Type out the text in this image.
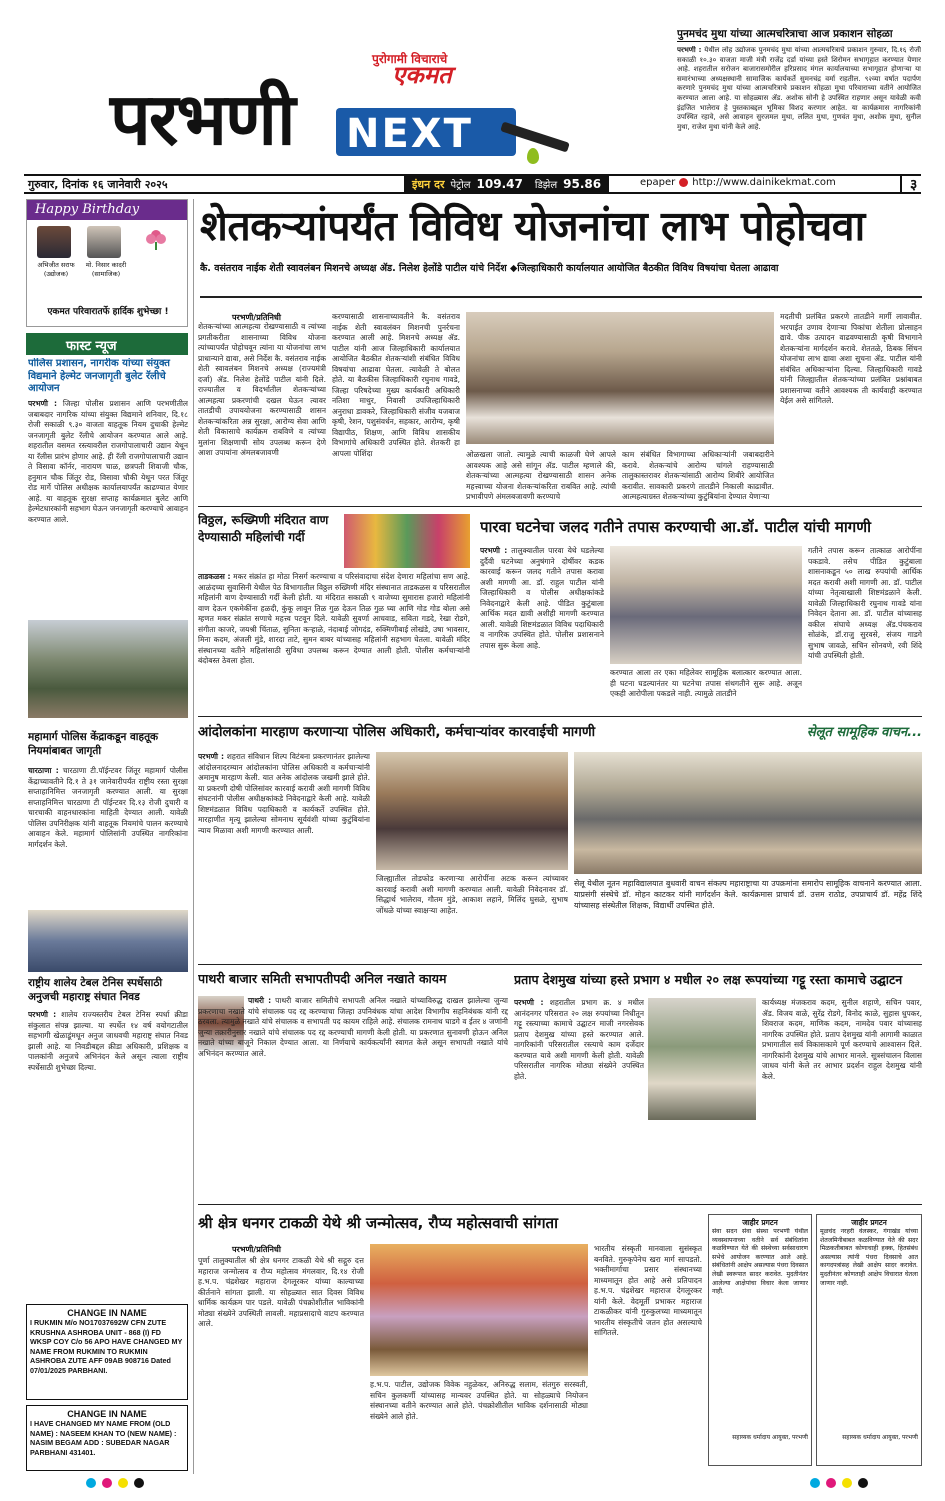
पुरोगामी विचाराचे
एकमत
परभणी NEXT
गुरुवार, दिनांक १६ जानेवारी २०२५	इंधन दर पेट्रोल 109.47 डिझेल 95.86	epaper http://www.dainikekmat.com	३
पुनमचंद मुथा यांच्या आत्मचरित्राचा आज प्रकाशन सोहळा
परभणी : येथील लोह उद्योजक पुनमचंद मुथा यांच्या आत्मचरित्राचे प्रकाशन गुरुवार, दि.१६ रोजी सकाळी १०.३० वाजता माजी मंत्री राजेंद्र दर्डा यांच्या हस्ते शिरोमन सभागृहात करण्यात येणार आहे. शहरातील सरोजन बाजारासमोरील हरिप्रसाद मंगल कार्यालयाच्या सभागृहात होणाऱ्या या समारंभाच्या अध्यक्षस्थानी सामाजिक कार्यकर्ते सुमनचंद्र वर्मा राहतील. ९२व्या वर्षात पदार्पण करणारे पुनमचंद मुथा यांच्या आत्मचरित्राचे प्रकाशन सोहळा मुथा परिवाराच्या वतीने आयोजित करण्यात आला आहे. या सोहळ्यास ॲड. अशोक सोनी हे उपस्थित राहणार असून यावेळी कवी इंद्रजित भालेराव हे पुस्तकाबद्दल भूमिका विशद करणार आहेत. या कार्यक्रमास नागरिकांनी उपस्थित रहावे, असे आवाहन सुरजमल मुथा, ललित मुथा, गुणवंत मुथा, अशोक मुथा, सुनील मुथा, राजेश मुथा यांनी केले आहे.
Happy Birthday
अभिजीत सराफ
(उद्योजक)
मो. निसार कादरी
(सामाजिक)
एकमत परिवारातर्फे हार्दिक शुभेच्छा !
फास्ट न्यूज
पोलिस प्रशासन, नागरीक यांच्या संयुक्त विद्यमाने हेल्मेट जनजागृती बुलेट रॅलीचे आयोजन
परभणी : जिल्हा पोलीस प्रशासन आणि परभणीतील जबाबदार नागरिक यांच्या संयुक्त विद्यमाने शनिवार, दि.१८ रोजी सकाळी ९.३० वाजता वाहतूक नियम दुचाकी हेल्मेट जनजागृती बुलेट रॅलीचे आयोजन करण्यात आले आहे. शहरातील वसमत रस्त्यावरील राजगोपालाचारी उद्यान येथून या रॅलीस प्रारंभ होणार आहे. ही रॅली राजगोपालाचारी उद्यान ते विसावा कॉर्नर, नारायण चाळ, छत्रपती शिवाजी चौक, हनुमान चौक जिंतूर रोड, विसावा चौकी येथून परत जिंतूर रोड मार्गे पोलिस अधीक्षक कार्यालयापर्यंत काढण्यात येणार आहे. या वाहतूक सुरक्षा सप्ताह कार्यक्रमात बुलेट आणि हेल्मेटधारकांनी सहभाग घेऊन जनजागृती करण्याचे आवाहन करण्यात आले.
महामार्ग पोलिस केंद्राकडून वाहतूक नियमांबाबत जागृती
चारठाणा : चारठाणा टी.पॉईन्टवर जिंतूर महामार्ग पोलीस केंद्राच्यावतीने दि.१ ते ३१ जानेवारीपर्यंत राष्ट्रीय रस्ता सुरक्षा सप्ताहानिमित्त जनजागृती करण्यात आली. या सुरक्षा सप्ताहनिमित्त चारठाणा टी पॉईन्टवर दि.१३ रोजी दुचारी व चारचाकी वाहनधारकांना माहिती देण्यात आली. यावेळी पोलिस उपनिरीक्षक यांनी वाहतूक नियमांचे पालन करण्याचे आवाहन केले. महामार्ग पोलिसांनी उपस्थित नागरिकांना मार्गदर्शन केले.
राष्ट्रीय शालेय टेबल टेनिस स्पर्धेसाठी अनुजची महाराष्ट्र संघात निवड
परभणी : शालेय राज्यस्तरीय टेबल टेनिस स्पर्धा क्रीडा संकुलात संपन्न झाल्या. या स्पर्धेत १४ वर्ष वयोगटातील सहभागी खेळाडूंमधून अनुज जाधवची महाराष्ट्र संघात निवड झाली आहे. या निवडीबद्दल क्रीडा अधिकारी, प्रशिक्षक व पालकांनी अनुजचे अभिनंदन केले असून त्याला राष्ट्रीय स्पर्धेसाठी शुभेच्छा दिल्या.
CHANGE IN NAME
I RUKMIN M/o NO17037692W CFN ZUTE KRUSHNA ASHROBA UNIT - 868 (I) FD WKSP COY C/o 56 APO HAVE CHANGED MY NAME FROM RUKMIN TO RUKMIN ASHROBA ZUTE AFF 09AB 908716 Dated 07/01/2025 PARBHANI.
CHANGE IN NAME
I HAVE CHANGED MY NAME FROM (OLD NAME) : NASEEM KHAN TO (NEW NAME) : NASIM BEGAM ADD : SUBEDAR NAGAR PARBHANI 431401.
शेतकऱ्यांपर्यंत विविध योजनांचा लाभ पोहोचवा
कै. वसंतराव नाईक शेती स्वावलंबन मिशनचे अध्यक्ष ॲड. निलेश हेलोंडे पाटील यांचे निर्देश ◆जिल्हाधिकारी कार्यालयात आयोजित बैठकीत विविध विषयांचा घेतला आढावा
परभणी/प्रतिनिधी
शेतकऱ्यांच्या आत्महत्या रोखण्यासाठी व त्यांच्या प्रगतीकरीता शासनाच्या विविध योजना त्यांच्यापर्यंत पोहोचवून त्यांना या योजनांचा लाभ प्राधान्याने द्यावा, असे निर्देश कै. वसंतराव नाईक शेती स्वावलंबन मिशनचे अध्यक्ष (राज्यमंत्री दर्जा) ॲड. निलेश हेलोंडे पाटील यांनी दिले. राज्यातील व विदर्भातील शेतकऱ्यांच्या आत्महत्या प्रकरणांची दखल घेऊन त्यावर तातडीची उपाययोजना करण्यासाठी शासन शेतकऱ्यांकरिता अन्न सुरक्षा, आरोग्य सेवा आणि शेती विकासाचे कार्यक्रम राबविणे व त्यांच्या मुलांना शिक्षणाची सोय उपलब्ध करून देणे आशा उपायांना अंमलबजावणी
करण्यासाठी शासनाच्यावतीने कै. वसंतराव नाईक शेती स्वावलंबन मिशनची पुनर्रचना करण्यात आली आहे. मिशनचे अध्यक्ष ॲड. पाटील यांनी आज जिल्हाधिकारी कार्यालयात आयोजित बैठकीत शेतकऱ्यांशी संबंधित विविध विषयांचा आढावा घेतला. त्यावेळी ते बोलत होते. या बैठकीस जिल्हाधिकारी रघुनाथ गावडे, जिल्हा परिषदेच्या मुख्य कार्यकारी अधिकारी नतिशा माथुर, निवासी उपजिल्हाधिकारी अनुराधा डावकरे, जिल्हाधिकारी संजीव यजबाज कृषी, रेशन, पशुसंवर्धन, सहकार, आरोग्य, कृषी विद्यापीठ, शिक्षण, आणि विविध शासकीय विभागांचे अधिकारी उपस्थित होते. शेतकरी हा आपला पोशिंदा	ओळखला जातो. त्यामुळे त्याची काळजी घेणे आपले आवश्यक आहे असे सांगून ॲड. पाटील म्हणाले की, शेतकऱ्यांच्या आत्महत्या रोखण्यासाठी शासन अनेक महत्त्वाच्या योजना शेतकऱ्यांकरिता राबवित आहे. त्यांची प्रभावीपणे अंमलबजावणी करण्याचे
काम संबंधित विभागाच्या अधिकाऱ्यांनी जबाबदारीने करावे. शेतकऱ्यांचे आरोग्य चांगले राहण्यासाठी तालुकास्तरावर शेतकऱ्यांसाठी आरोग्य शिबीरे आयोजित करावीत. सावकारी प्रकरणे तातडीने निकाली काढावीत. आत्महत्याग्रस्त शेतकऱ्यांच्या कुटुंबियांना देण्यात येणाऱ्या
मदतीची प्रलंबित प्रकरणे तातडीने मार्गी लावावीत. भरपाईत उणाव देणाऱ्या पिकांचा शेतीला प्रोत्साहन द्यावे. पीक उत्पादन वाढवण्यासाठी कृषी विभागाने शेतकऱ्यांना मार्गदर्शन करावे. शेततळे, ठिबक सिंचन योजनांचा लाभ द्यावा अशा सूचना ॲड. पाटील यांनी संबंधित अधिकाऱ्यांना दिल्या. जिल्हाधिकारी गावडे यांनी जिल्ह्यातील शेतकऱ्यांच्या प्रलंबित प्रश्नांबाबत प्रशासनाच्या वतीने आवश्यक ती कार्यवाही करण्यात येईल असे सांगितले.
विठ्ठल, रूख्मिणी मंदिरात वाण देण्यासाठी महिलांची गर्दी
ताडकळस : मकर संक्रांत हा मोठा निसर्ग करण्याचा व परिसंवादाचा संदेश देणारा महिलांचा सण आहे. आळंदच्या सुवासिनी येथील पेठ विभागातील विठ्ठल रुख्मिणी मंदिर संस्थानात ताडकळस व परिसरातील महिलांनी वाण देण्यासाठी गर्दी केली होती. या मंदिरात सकाळी ९ वाजेच्या सुमारास हजारो महिलांनी वाण देऊन एकमेकींना हळदी, कुंकू लावून तिळ गुळ देऊन तिळ गुळ घ्या आणि गोड गोड बोला असे म्हणत मकर संक्रांत सणाचे महत्त्व पटवून दिले. यावेळी सुवर्णा आचवाड, सविता गडदे, रेखा रोडगे, संगीता काजरे, जयश्री चिंताळ, सुनिता कऱ्हाळे, नंदाबाई जोगदंड, रुक्मिणीबाई लोखंडे, उषा भावसार, मिना कदम, अंजली मुंडे, शारदा ताटे, सुमन बाबर यांच्यासह महिलांनी सहभाग घेतला. यावेळी मंदिर संस्थानच्या वतीने महिलांसाठी सुविधा उपलब्ध करून देण्यात आली होती. पोलीस कर्मचाऱ्यांनी बंदोबस्त ठेवला होता.
पारवा घटनेचा जलद गतीने तपास करण्याची आ.डॉ. पाटील यांची मागणी
परभणी : तालुक्यातील पारवा येथे घडलेल्या दुर्दैवी घटनेच्या अनुषंगाने दोषींवर कडक कारवाई करून जलद गतीने तपास करावा अशी मागणी आ. डॉ. राहुल पाटील यांनी जिल्हाधिकारी व पोलीस अधीक्षकांकडे निवेदनाद्वारे केली आहे. पीडित कुटुंबाला आर्थिक मदत द्यावी अशीही मागणी करण्यात आली. यावेळी शिष्टमंडळात विविध पदाधिकारी व नागरिक उपस्थित होते. पोलीस प्रशासनाने तपास सुरू केला आहे.
करण्यात आला तर एका महिलेवर सामूहिक बलात्कार करण्यात आला. ही घटना घडल्यानंतर या घटनेचा तपास संथगतीने सुरू आहे. अजून एकही आरोपीला पकडले नाही. त्यामुळे तातडीने
गतीने तपास करून तात्काळ आरोपींना पकडावे. तसेच पीडित कुटुंबाला शासनाकडून ५० लाख रुपयांची आर्थिक मदत करावी अशी मागणी आ. डॉ. पाटील यांच्या नेतृत्वाखाली शिष्टमंडळाने केली. यावेळी जिल्हाधिकारी रघुनाथ गावडे यांना निवेदन देताना आ. डॉ. पाटील यांच्यासह वकील संघाचे अध्यक्ष ॲड.पंचकराव सोळंके, डॉ.राजु सुरवसे, संजय गाडगे सुभाष जावळे, सचिन सोनवणे, रवी शिंदे यांची उपस्थिती होती.
आंदोलकांना मारहाण करणाऱ्या पोलिस अधिकारी, कर्मचाऱ्यांवर कारवाईची मागणी
परभणी : शहरात संविधान शिल्प विटंबना प्रकरणानंतर झालेल्या आंदोलनादरम्यान आंदोलकांना पोलिस अधिकारी व कर्मचाऱ्यांनी अमानुष मारहाण केली. यात अनेक आंदोलक जखमी झाले होते. या प्रकरणी दोषी पोलिसांवर कारवाई करावी अशी मागणी विविध संघटनांनी पोलीस अधीक्षकांकडे निवेदनाद्वारे केली आहे. यावेळी शिष्टमंडळात विविध पदाधिकारी व कार्यकर्ते उपस्थित होते. मारहाणीत मृत्यू झालेल्या सोमनाथ सूर्यवंशी यांच्या कुटुंबियांना न्याय मिळावा अशी मागणी करण्यात आली.
जिल्ह्यातील तोडफोड करणाऱ्या आरोपींना अटक करून त्यांच्यावर कारवाई करावी अशी मागणी करण्यात आली. यावेळी निवेदनावर डॉ. सिद्धार्थ भालेराव, गौतम मुंडे, आकाश लहाने, मिलिंद घुसळे, सुभाष जोंधळे यांच्या स्वाक्षऱ्या आहेत.
सेलूत सामूहिक वाचन...
सेलू येथील नूतन महाविद्यालयात बुधवारी वाचन संकल्प महाराष्ट्राचा या उपक्रमांना समारोप सामूहिक वाचनाने करण्यात आला. याप्रसंगी संस्थेचे डॉ. मोहन काटकर यांनी मार्गदर्शन केले. कार्यक्रमास प्राचार्य डॉ. उत्तम राठोड, उपप्राचार्य डॉ. महेंद्र शिंदे यांच्यासह संस्थेतील शिक्षक, विद्यार्थी उपस्थित होते.
पाथरी बाजार समिती सभापतीपदी अनिल नखाते कायम
पाथरी : पाथरी बाजार समितीचे सभापती अनिल नखाते यांच्याविरुद्ध दाखल झालेल्या जुन्या प्रकरणाचा नखाते यांचे संचालक पद रद्द करण्याचा जिल्हा उपनिबंधक यांचा आदेश विभागीय सहनिबंधक यांनी रद्द ठरवला. त्यामुळे नखाते यांचे संचालक व सभापती पद कायम राहिले आहे. संचालक रामनाथ घाडगे व ईतर ४ जणांनी जुन्या तक्रारीनुसार नखाते यांचे संचालक पद रद्द करण्याची मागणी केली होती. या प्रकरणात सुनावणी होऊन अनिल नखाते यांच्या बाजूने निकाल देण्यात आला. या निर्णयाचे कार्यकर्त्यांनी स्वागत केले असून सभापती नखाते यांचे अभिनंदन करण्यात आले.
प्रताप देशमुख यांच्या हस्ते प्रभाग ४ मधील २० लक्ष रूपयांच्या गट्टू रस्ता कामाचे उद्घाटन
परभणी : शहरातील प्रभाग क्र. ४ मधील आनंदनगर परिसरात २० लक्ष रुपयांच्या निधीतून गट्टू रस्त्याच्या कामाचे उद्घाटन माजी नगरसेवक प्रताप देशमुख यांच्या हस्ते करण्यात आले. नागरिकांनी परिसरातील रस्त्याचे काम दर्जेदार करण्यात यावे अशी मागणी केली होती. यावेळी परिसरातील नागरिक मोठ्या संख्येने उपस्थित होते.
कार्यध्यक्ष मंजकराव कदम, सुनील शहाणे, सचिन पवार, ॲड. विजय वाळे, सुरेंद्र रोडगे, विनोद काळे, सुहास धुपकर, शिवराज कदम, माणिक कदम, नामदेव पवार यांच्यासह नागरिक उपस्थित होते. प्रताप देशमुख यांनी आगामी काळात प्रभागातील सर्व विकासकामे पूर्ण करण्याचे आश्वासन दिले. नागरिकांनी देशमुख यांचे आभार मानले. सूत्रसंचालन विलास जाधव यांनी केले तर आभार प्रदर्शन राहुल देशमुख यांनी केले.
श्री क्षेत्र धनगर टाकळी येथे श्री जन्मोत्सव, रौप्य महोत्सवाची सांगता
परभणी/प्रतिनिधी
पूर्णा तालुक्यातील श्री क्षेत्र धनगर टाकळी येथे श्री सद्गुरु दत्त महाराज जन्मोत्सव व रौप्य महोत्सव मंगलवार, दि.१४ रोजी ह.भ.प. चंद्रशेखर महाराज देगलूरकर यांच्या काल्याच्या कीर्तनाने सांगता झाली. या सोहळ्यात सात दिवस विविध धार्मिक कार्यक्रम पार पडले. यावेळी पंचक्रोशीतील भाविकांनी मोठ्या संख्येने उपस्थिती लावली. महाप्रसादाचे वाटप करण्यात आले.
ह.भ.प. पाटील, उद्योजक विवेक नहुळेकर, अनिरुद्ध सलाम, संतगुरु सरस्वती, सचिन कुलकर्णी यांच्यासह मान्यवर उपस्थित होते. या सोहळ्याचे नियोजन संस्थानच्या वतीने करण्यात आले होते. पंचक्रोशीतील भाविक दर्शनासाठी मोठ्या संख्येने आले होते.
भारतीय संस्कृती मानवाला सुसंस्कृत बनविते. गुरुकृपेनेच खरा मार्ग सापडतो. भक्तीमार्गाचा प्रसार संस्थानच्या माध्यमातून होत आहे असे प्रतिपादन ह.भ.प. चंद्रशेखर महाराज देगलूरकर यांनी केले. वेदमूर्ती प्रभाकर महाराज टाकळीकर यांनी गुरुकुलच्या माध्यमातून भारतीय संस्कृतीचे जतन होत असल्याचे सांगितले.
जाहीर प्रगटन
सेवा सदन सेवा संस्था परभणी येथील व्यवस्थापनाच्या वतीने सर्व संबंधितांना कळविण्यात येते की संस्थेच्या सर्वसाधारण सभेचे आयोजन करण्यात आले आहे. संबंधितांनी आक्षेप असल्यास पंधरा दिवसात लेखी स्वरूपात सादर करावेत. मुदतीनंतर आलेल्या आक्षेपांचा विचार केला जाणार नाही.
सहाय्यक धर्मादाय आयुक्त, परभणी
जाहीर प्रगटन
मूळचंद नरहरी वेलस्कर, गंगाखेड यांच्या शेतजमिनीबाबत कळविण्यात येते की सदर मिळकतीबाबत कोणाचाही हक्क, हितसंबंध असल्यास त्यांनी पंधरा दिवसाचे आत कागदपत्रांसह लेखी आक्षेप सादर करावेत. मुदतीनंतर कोणताही आक्षेप विचारात घेतला जाणार नाही.
सहाय्यक धर्मादाय आयुक्त, परभणी
